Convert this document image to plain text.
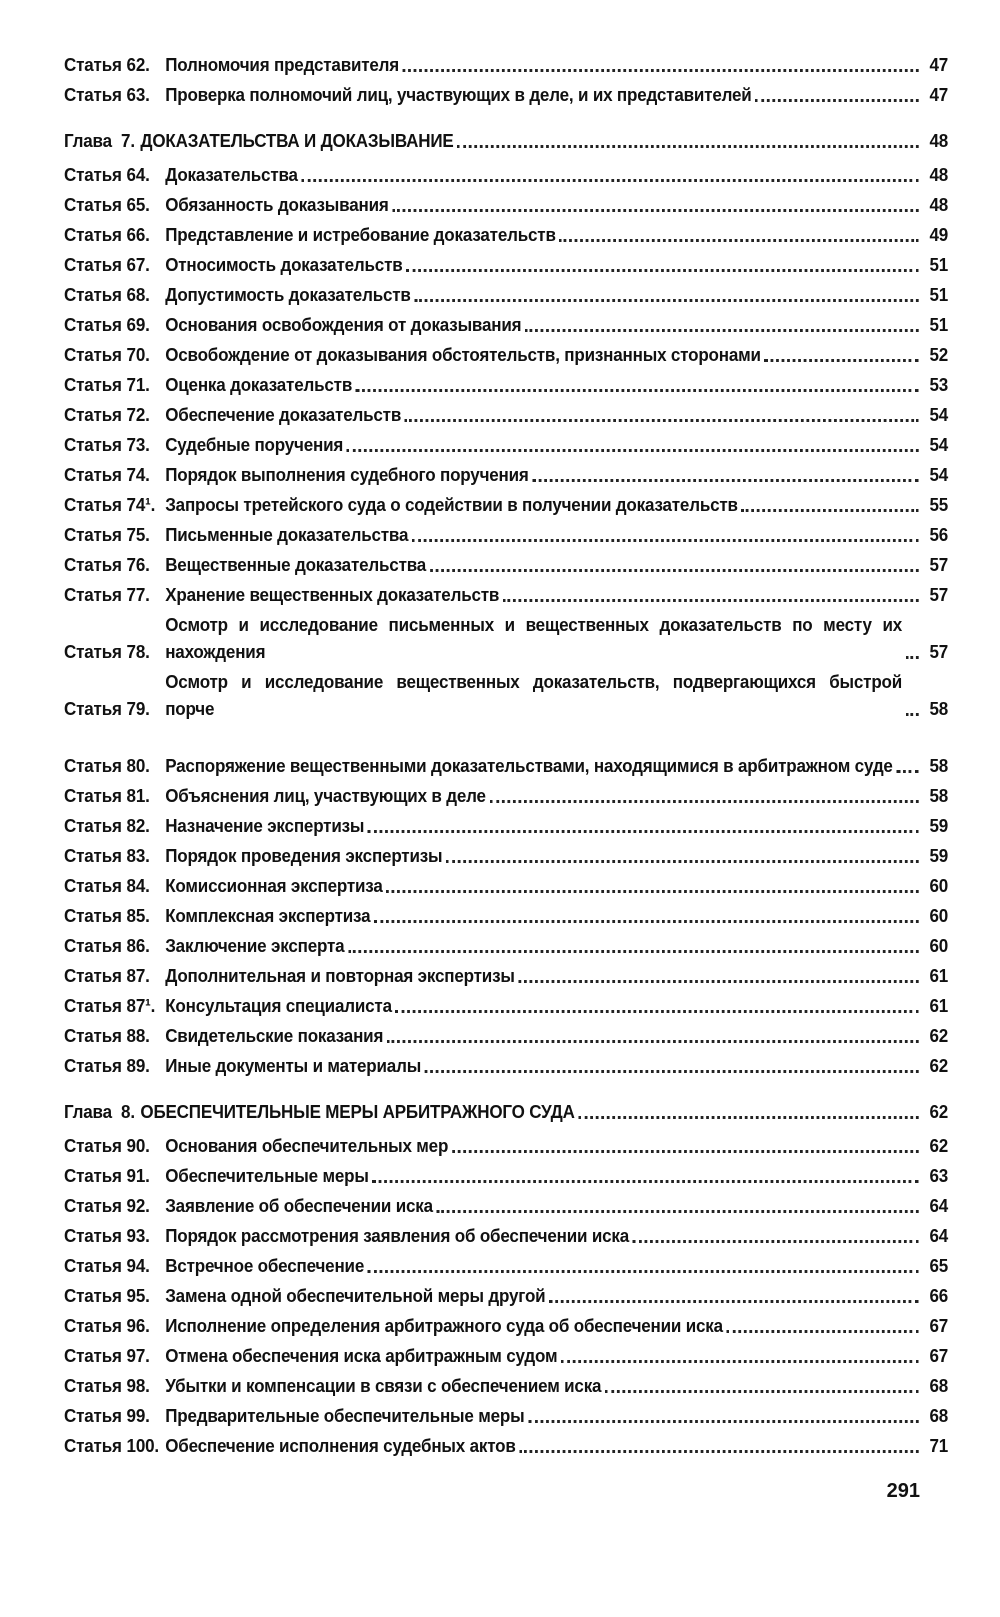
Статья 62. Полномочия представителя	47
Статья 63. Проверка полномочий лиц, участвующих в деле, и их представителей	47
Глава 7. ДОКАЗАТЕЛЬСТВА И ДОКАЗЫВАНИЕ	48
Статья 64. Доказательства	48
Статья 65. Обязанность доказывания	48
Статья 66. Представление и истребование доказательств	49
Статья 67. Относимость доказательств	51
Статья 68. Допустимость доказательств	51
Статья 69. Основания освобождения от доказывания	51
Статья 70. Освобождение от доказывания обстоятельств, признанных сторонами	52
Статья 71. Оценка доказательств	53
Статья 72. Обеспечение доказательств	54
Статья 73. Судебные поручения	54
Статья 74. Порядок выполнения судебного поручения	54
Статья 74¹. Запросы третейского суда о содействии в получении доказательств	55
Статья 75. Письменные доказательства	56
Статья 76. Вещественные доказательства	57
Статья 77. Хранение вещественных доказательств	57
Статья 78.
Осмотр и исследование письменных и вещественных доказательств по месту их нахождения	57
Статья 79.
Осмотр и исследование вещественных доказательств, подвергающихся быстрой порче	58
Статья 80. Распоряжение вещественными доказательствами, находящимися в арбитражном суде	58
Статья 81. Объяснения лиц, участвующих в деле	58
Статья 82. Назначение экспертизы	59
Статья 83. Порядок проведения экспертизы	59
Статья 84. Комиссионная экспертиза	60
Статья 85. Комплексная экспертиза	60
Статья 86. Заключение эксперта	60
Статья 87. Дополнительная и повторная экспертизы	61
Статья 87¹. Консультация специалиста	61
Статья 88. Свидетельские показания	62
Статья 89. Иные документы и материалы	62
Глава 8. ОБЕСПЕЧИТЕЛЬНЫЕ МЕРЫ АРБИТРАЖНОГО СУДА	62
Статья 90. Основания обеспечительных мер	62
Статья 91. Обеспечительные меры	63
Статья 92. Заявление об обеспечении иска	64
Статья 93. Порядок рассмотрения заявления об обеспечении иска	64
Статья 94. Встречное обеспечение	65
Статья 95. Замена одной обеспечительной меры другой	66
Статья 96. Исполнение определения арбитражного суда об обеспечении иска	67
Статья 97. Отмена обеспечения иска арбитражным судом	67
Статья 98. Убытки и компенсации в связи с обеспечением иска	68
Статья 99. Предварительные обеспечительные меры	68
Статья 100. Обеспечение исполнения судебных актов	71
291
